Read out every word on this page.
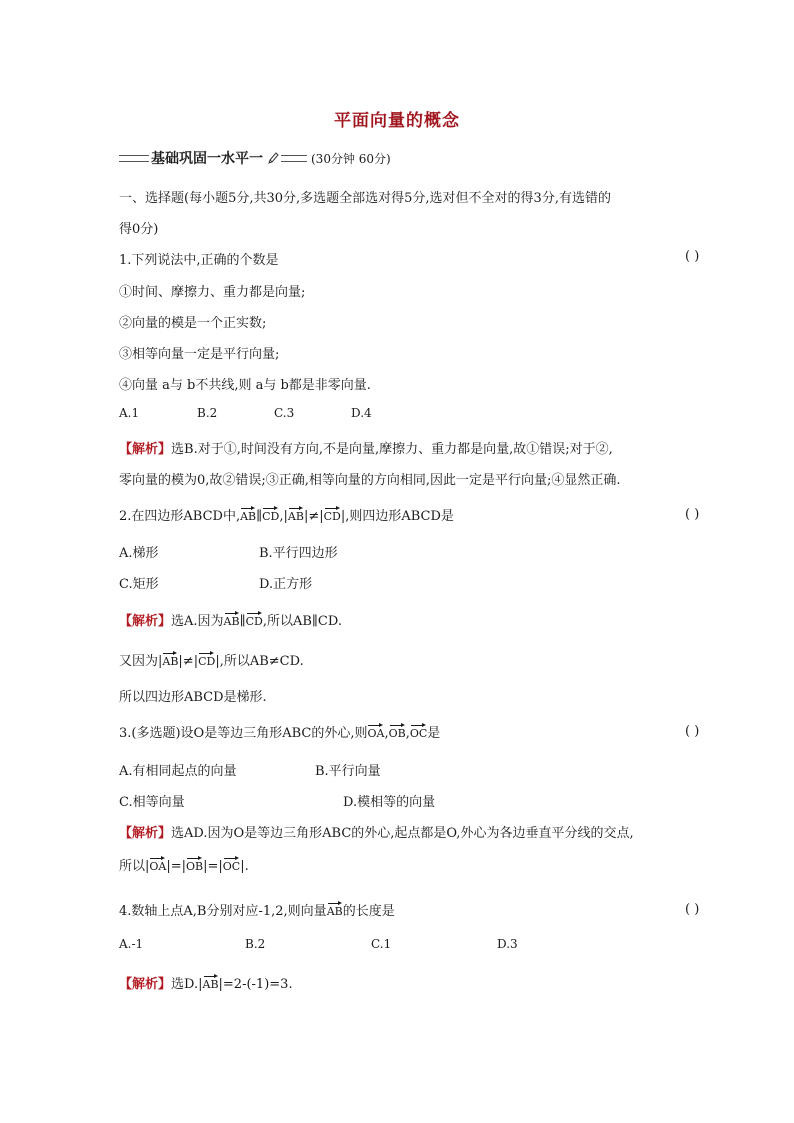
平面向量的概念
基础巩固一水平一	(30分钟 60分)
一、选择题(每小题5分,共30分,多选题全部选对得5分,选对但不全对的得3分,有选错的
得0分)
1.下列说法中,正确的个数是	( )
①时间、摩擦力、重力都是向量;
②向量的模是一个正实数;
③相等向量一定是平行向量;
④向量 a与 b不共线,则 a与 b都是非零向量.
A.1	B.2	C.3	D.4
【解析】选B.对于①,时间没有方向,不是向量,摩擦力、重力都是向量,故①错误;对于②,
零向量的模为0,故②错误;③正确,相等向量的方向相同,因此一定是平行向量;④显然正确.
2.在四边形ABCD中,AB∥CD,|AB|≠|CD|,则四边形ABCD是	( )
A.梯形	B.平行四边形
C.矩形	D.正方形
【解析】选A.因为AB∥CD,所以AB∥CD.
又因为|AB|≠|CD|,所以AB≠CD.
所以四边形ABCD是梯形.
3.(多选题)设O是等边三角形ABC的外心,则OA,OB,OC是	( )
A.有相同起点的向量	B.平行向量
C.相等向量	D.模相等的向量
【解析】选AD.因为O是等边三角形ABC的外心,起点都是O,外心为各边垂直平分线的交点,
所以|OA|=|OB|=|OC|.
4.数轴上点A,B分别对应-1,2,则向量AB的长度是	( )
A.-1	B.2	C.1	D.3
【解析】选D.|AB|=2-(-1)=3.
